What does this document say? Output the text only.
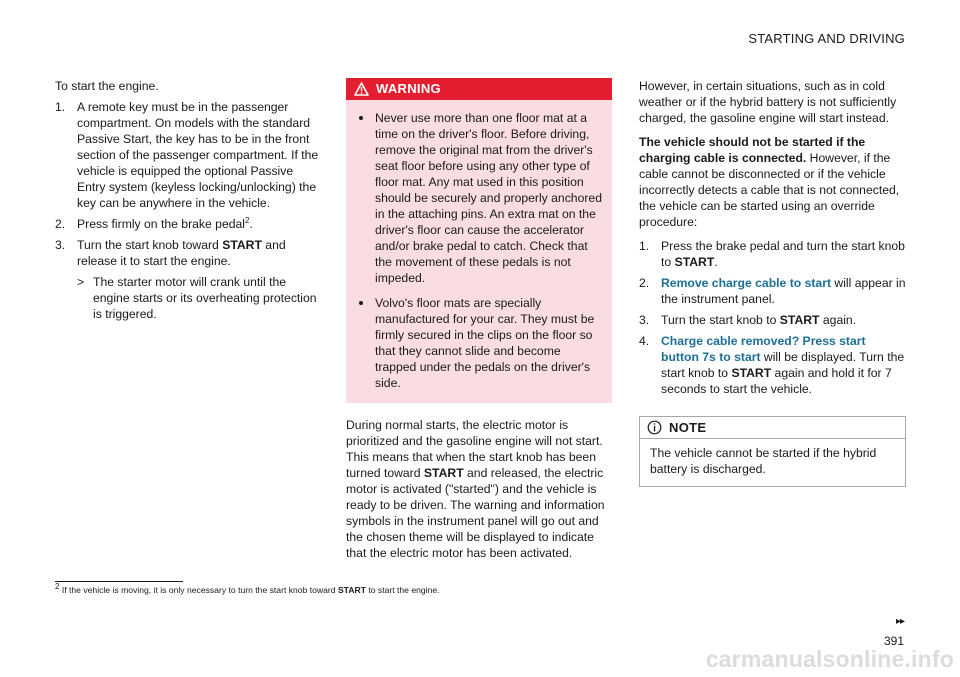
STARTING AND DRIVING

To start the engine.

1. A remote key must be in the passenger compartment. On models with the standard Passive Start, the key has to be in the front section of the passenger compartment. If the vehicle is equipped the optional Passive Entry system (keyless locking/unlocking) the key can be anywhere in the vehicle.
2. Press firmly on the brake pedal$^2$.
3. Turn the start knob toward START and release it to start the engine.
> The starter motor will crank until the engine starts or its overheating protection is triggered.
WARNING
Never use more than one floor mat at a time on the driver's floor. Before driving, remove the original mat from the driver's seat floor before using any other type of floor mat. Any mat used in this position should be securely and properly anchored in the attaching pins. An extra mat on the driver's floor can cause the accelerator and/or brake pedal to catch. Check that the movement of these pedals is not impeded.
Volvo's floor mats are specially manufactured for your car. They must be firmly secured in the clips on the floor so that they cannot slide and become trapped under the pedals on the driver's side.

During normal starts, the electric motor is prioritized and the gasoline engine will not start. This means that when the start knob has been turned toward START and released, the electric motor is activated ("started") and the vehicle is ready to be driven. The warning and information symbols in the instrument panel will go out and the chosen theme will be displayed to indicate that the electric motor has been activated.

However, in certain situations, such as in cold weather or if the hybrid battery is not sufficiently charged, the gasoline engine will start instead.

The vehicle should not be started if the charging cable is connected. However, if the cable cannot be disconnected or if the vehicle incorrectly detects a cable that is not connected, the vehicle can be started using an override procedure:

1. Press the brake pedal and turn the start knob to START.
2. Remove charge cable to start will appear in the instrument panel.
3. Turn the start knob to START again.
4. Charge cable removed? Press start button 7s to start will be displayed. Turn the start knob to START again and hold it for 7 seconds to start the vehicle.
NOTE
The vehicle cannot be started if the hybrid battery is discharged.
$^2$ If the vehicle is moving, it is only necessary to turn the start knob toward START to start the engine.
▸▸
391
carmanualsonline.info
